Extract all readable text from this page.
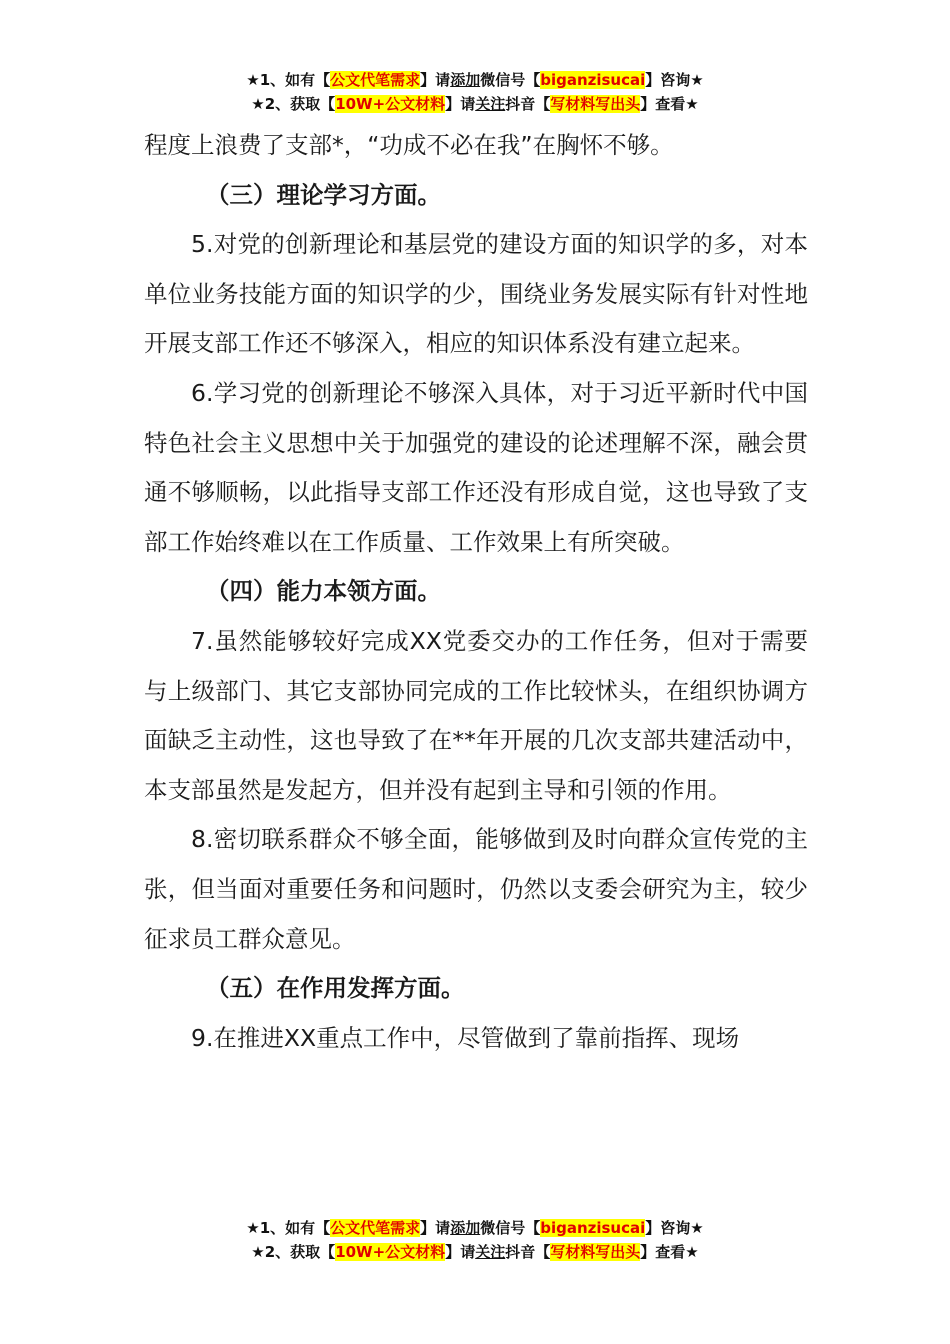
★1、如有【公文代笔需求】请添加微信号【biganzisucai】咨询★
★2、获取【10W+公文材料】请关注抖音【写材料写出头】查看★

程度上浪费了支部*，“功成不必在我”在胸怀不够。

（三）理论学习方面。

5.对党的创新理论和基层党的建设方面的知识学的多，对本单位业务技能方面的知识学的少，围绕业务发展实际有针对性地开展支部工作还不够深入，相应的知识体系没有建立起来。

6.学习党的创新理论不够深入具体，对于习近平新时代中国特色社会主义思想中关于加强党的建设的论述理解不深，融会贯通不够顺畅，以此指导支部工作还没有形成自觉，这也导致了支部工作始终难以在工作质量、工作效果上有所突破。

（四）能力本领方面。

7.虽然能够较好完成XX党委交办的工作任务，但对于需要与上级部门、其它支部协同完成的工作比较怵头，在组织协调方面缺乏主动性，这也导致了在**年开展的几次支部共建活动中，本支部虽然是发起方，但并没有起到主导和引领的作用。

8.密切联系群众不够全面，能够做到及时向群众宣传党的主张，但当面对重要任务和问题时，仍然以支委会研究为主，较少征求员工群众意见。

（五）在作用发挥方面。

9.在推进XX重点工作中，尽管做到了靠前指挥、现场

★1、如有【公文代笔需求】请添加微信号【biganzisucai】咨询★
★2、获取【10W+公文材料】请关注抖音【写材料写出头】查看★
